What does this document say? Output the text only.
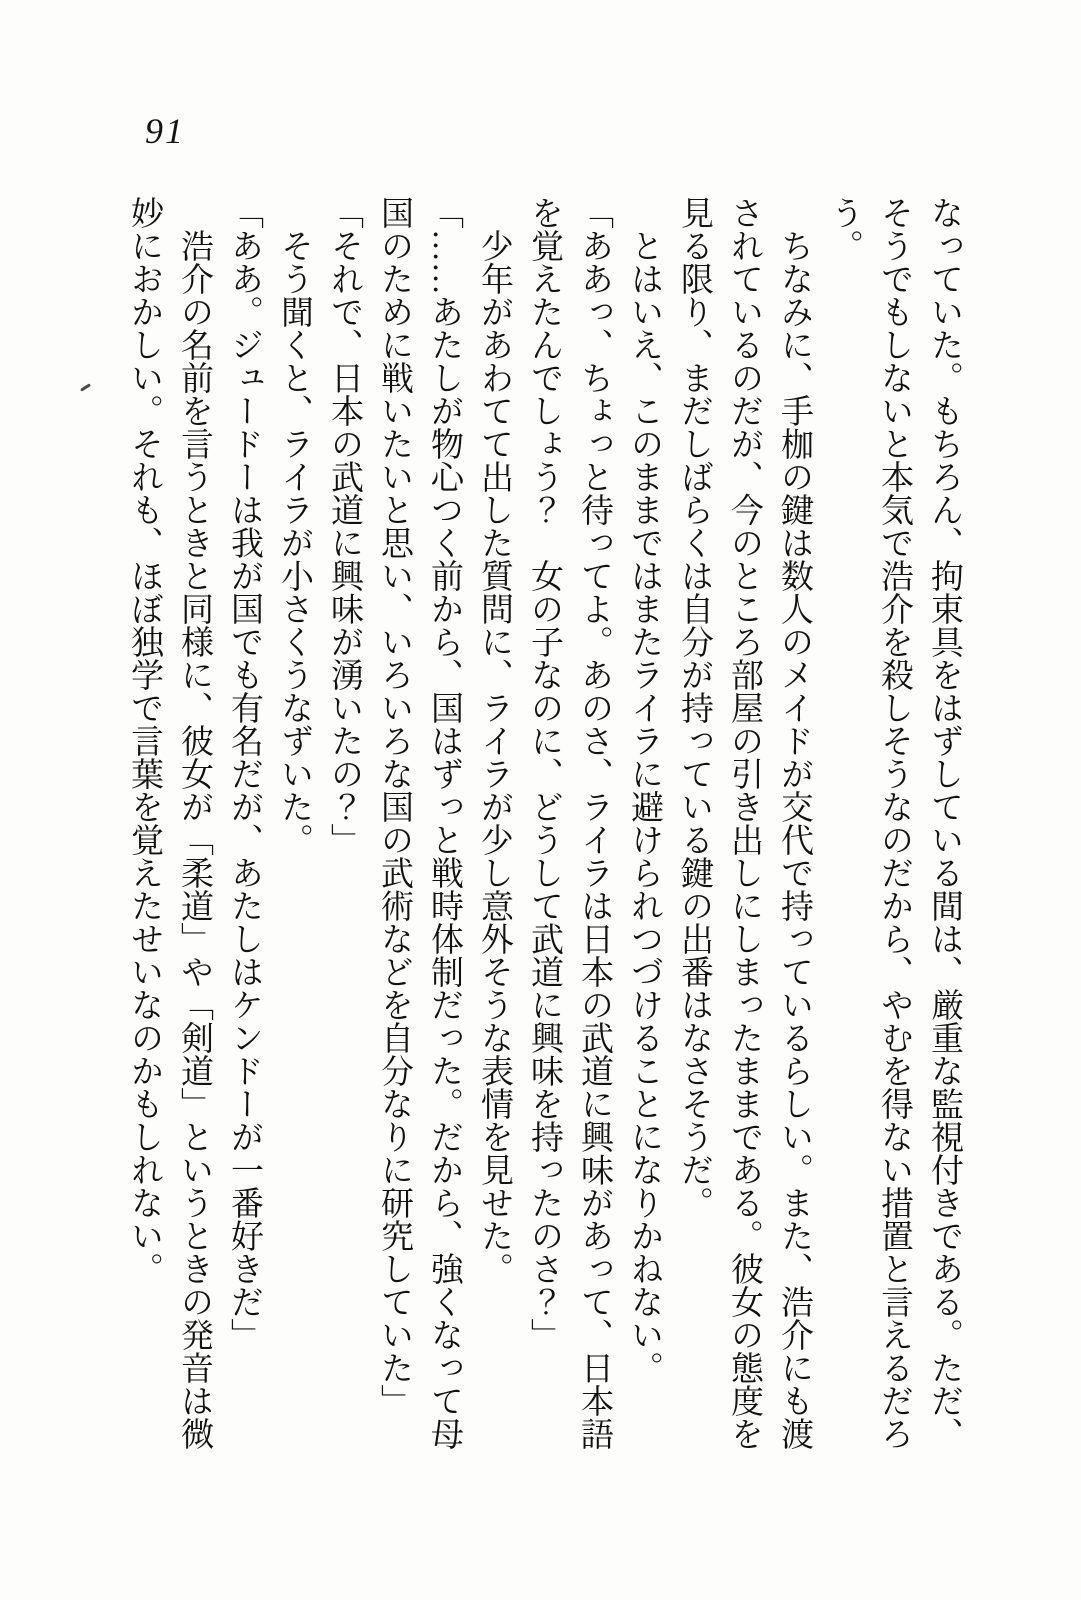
91
なっていた。もちろん、拘束具をはずしている間は、厳重な監視付きである。ただ、
そうでもしないと本気で浩介を殺しそうなのだから、やむを得ない措置と言えるだろ
う。
　ちなみに、手枷の鍵は数人のメイドが交代で持っているらしい。また、浩介にも渡
されているのだが、今のところ部屋の引き出しにしまったままである。彼女の態度を
見る限り、まだしばらくは自分が持っている鍵の出番はなさそうだ。
　とはいえ、このままではまたライラに避けられつづけることになりかねない。
「ああっ、ちょっと待ってよ。あのさ、ライラは日本の武道に興味があって、日本語
を覚えたんでしょう？　女の子なのに、どうして武道に興味を持ったのさ？」
　少年があわてて出した質問に、ライラが少し意外そうな表情を見せた。
「……あたしが物心つく前から、国はずっと戦時体制だった。だから、強くなって母
国のために戦いたいと思い、いろいろな国の武術などを自分なりに研究していた」
「それで、日本の武道に興味が湧いたの？」
　そう聞くと、ライラが小さくうなずいた。
「ああ。ジュードーは我が国でも有名だが、あたしはケンドーが一番好きだ」
　浩介の名前を言うときと同様に、彼女が「柔道」や「剣道」というときの発音は微
妙におかしい。それも、ほぼ独学で言葉を覚えたせいなのかもしれない。
